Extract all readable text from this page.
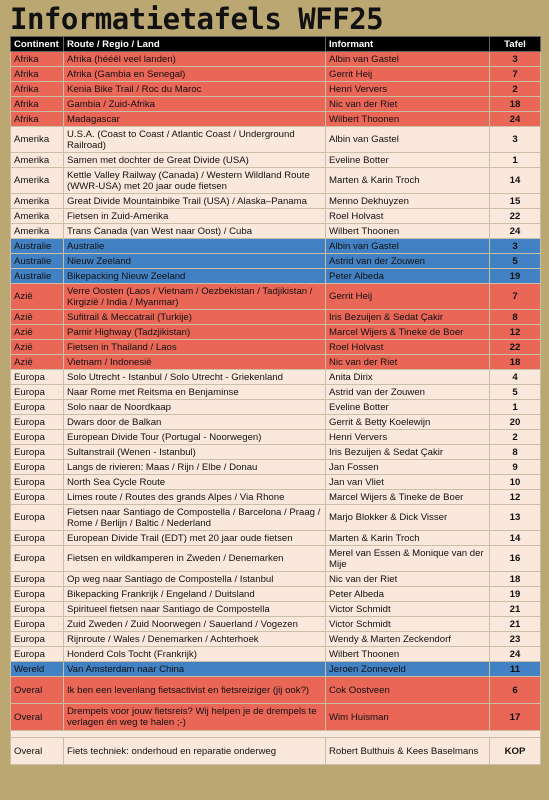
Informatietafels WFF25
Continent	Route / Regio / Land	Informant	Tafel
Afrika	Afrika (hééél veel landen)	Albin van Gastel	3
Afrika	Afrika (Gambia en Senegal)	Gerrit Heij	7
Afrika	Kenia Bike Trail / Roc du Maroc	Henri Ververs	2
Afrika	Gambia / Zuid-Afrika	Nic van der Riet	18
Afrika	Madagascar	Wilbert Thoonen	24
Amerika	U.S.A. (Coast to Coast / Atlantic Coast / Underground Railroad)	Albin van Gastel	3
Amerika	Samen met dochter de Great Divide (USA)	Eveline Botter	1
Amerika	Kettle Valley Railway (Canada) / Western Wildland Route (WWR-USA) met 20 jaar oude fietsen	Marten & Karin Troch	14
Amerika	Great Divide Mountainbike Trail (USA) / Alaska–Panama	Menno Dekhuyzen	15
Amerika	Fietsen in Zuid-Amerika	Roel Holvast	22
Amerika	Trans Canada (van West naar Oost) / Cuba	Wilbert Thoonen	24
Australie	Australie	Albin van Gastel	3
Australie	Nieuw Zeeland	Astrid van der Zouwen	5
Australie	Bikepacking Nieuw Zeeland	Peter Albeda	19
Azië	Verre Oosten (Laos / Vietnam / Oezbekistan / Tadjikistan / Kirgizië / India / Myanmar)	Gerrit Heij	7
Azië	Sufitrail & Meccatrail (Turkije)	Iris Bezuijen & Sedat Çakir	8
Azië	Pamir Highway (Tadzjikistan)	Marcel Wijers & Tineke de Boer	12
Azië	Fietsen in Thailand / Laos	Roel Holvast	22
Azië	Vietnam / Indonesië	Nic van der Riet	18
Europa	Solo Utrecht - Istanbul / Solo Utrecht - Griekenland	Anita Dirix	4
Europa	Naar Rome met Reitsma en Benjaminse	Astrid van der Zouwen	5
Europa	Solo naar de Noordkaap	Eveline Botter	1
Europa	Dwars door de Balkan	Gerrit & Betty Koelewijn	20
Europa	European Divide Tour (Portugal - Noorwegen)	Henri Ververs	2
Europa	Sultanstrail (Wenen - Istanbul)	Iris Bezuijen & Sedat Çakir	8
Europa	Langs de rivieren: Maas / Rijn / Elbe / Donau	Jan Fossen	9
Europa	North Sea Cycle Route	Jan van Vliet	10
Europa	Limes route / Routes des grands Alpes / Via Rhone	Marcel Wijers & Tineke de Boer	12
Europa	Fietsen naar Santiago de Compostella / Barcelona / Praag / Rome / Berlijn / Baltic / Nederland	Marjo Blokker & Dick Visser	13
Europa	European Divide Trail (EDT) met 20 jaar oude fietsen	Marten & Karin Troch	14
Europa	Fietsen en wildkamperen in Zweden / Denemarken	Merel van Essen & Monique van der Mije	16
Europa	Op weg naar Santiago de Compostella / Istanbul	Nic van der Riet	18
Europa	Bikepacking Frankrijk / Engeland / Duitsland	Peter Albeda	19
Europa	Spiritueel fietsen naar Santiago de Compostella	Victor Schmidt	21
Europa	Zuid Zweden / Zuid Noorwegen / Sauerland / Vogezen	Victor Schmidt	21
Europa	Rijnroute / Wales / Denemarken / Achterhoek	Wendy & Marten Zeckendorf	23
Europa	Honderd Cols Tocht (Frankrijk)	Wilbert Thoonen	24
Wereld	Van Amsterdam naar China	Jeroen Zonneveld	11
Overal	Ik ben een levenlang fietsactivist en fietsreiziger (jij ook?)	Cok Oostveen	6
Overal	Drempels voor jouw fietsreis? Wij helpen je de drempels te verlagen én weg te halen ;-)	Wim Huisman	17

Overal	Fiets techniek: onderhoud en reparatie onderweg	Robert Bulthuis & Kees Baselmans	KOP
